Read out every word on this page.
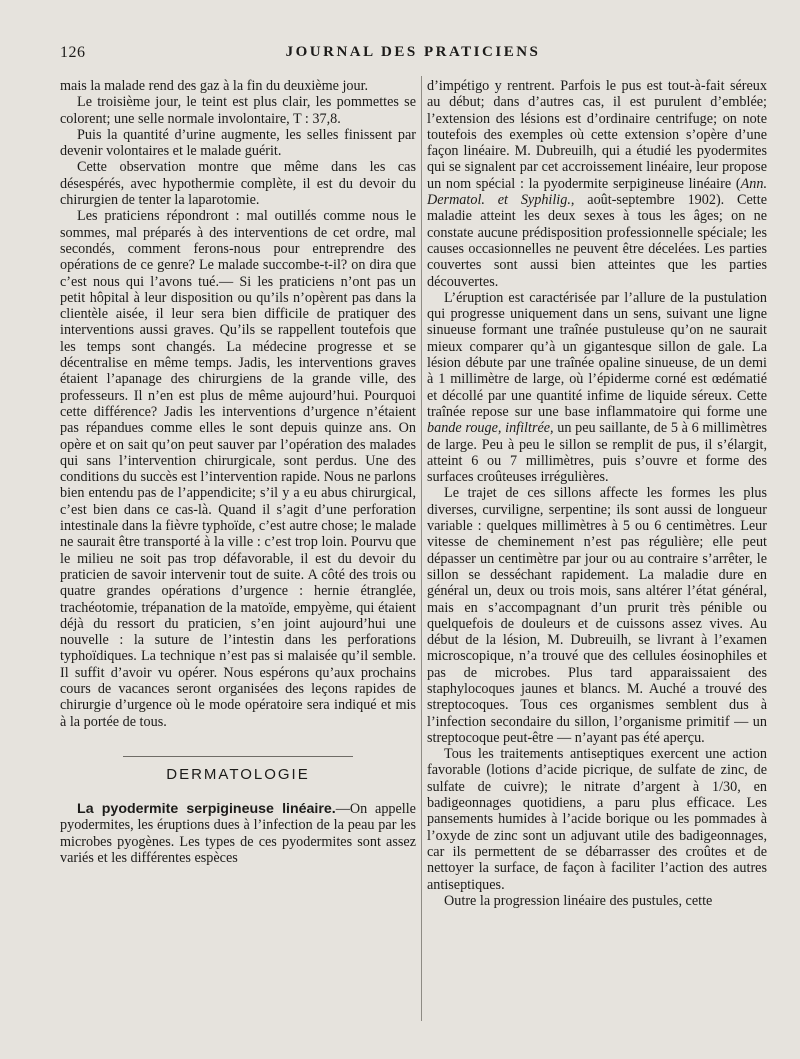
126	JOURNAL DES PRATICIENS

mais la malade rend des gaz à la fin du deuxième jour.

Le troisième jour, le teint est plus clair, les pommettes se colorent; une selle normale involontaire, T : 37,8.

Puis la quantité d’urine augmente, les selles finissent par devenir volontaires et le malade guérit.

Cette observation montre que même dans les cas désespérés, avec hypothermie complète, il est du devoir du chirurgien de tenter la laparotomie.

Les praticiens répondront : mal outillés comme nous le sommes, mal préparés à des interventions de cet ordre, mal secondés, comment ferons-nous pour entreprendre des opérations de ce genre? Le malade succombe-t-il? on dira que c’est nous qui l’avons tué.— Si les praticiens n’ont pas un petit hôpital à leur disposition ou qu’ils n’opèrent pas dans la clientèle aisée, il leur sera bien difficile de pratiquer des interventions aussi graves. Qu’ils se rappellent toutefois que les temps sont changés. La médecine progresse et se décentralise en même temps. Jadis, les interventions graves étaient l’apanage des chirurgiens de la grande ville, des professeurs. Il n’en est plus de même aujourd’hui. Pourquoi cette différence? Jadis les interventions d’urgence n’étaient pas répandues comme elles le sont depuis quinze ans. On opère et on sait qu’on peut sauver par l’opération des malades qui sans l’intervention chirurgicale, sont perdus. Une des conditions du succès est l’intervention rapide. Nous ne parlons bien entendu pas de l’appendicite; s’il y a eu abus chirurgical, c’est bien dans ce cas-là. Quand il s’agit d’une perforation intestinale dans la fièvre typhoïde, c’est autre chose; le malade ne saurait être transporté à la ville : c’est trop loin. Pourvu que le milieu ne soit pas trop défavorable, il est du devoir du praticien de savoir intervenir tout de suite. A côté des trois ou quatre grandes opérations d’urgence : hernie étranglée, trachéotomie, trépanation de la matoïde, empyème, qui étaient déjà du ressort du praticien, s’en joint aujourd’hui une nouvelle : la suture de l’intestin dans les perforations typhoïdiques. La technique n’est pas si malaisée qu’il semble. Il suffit d’avoir vu opérer. Nous espérons qu’aux prochains cours de vacances seront organisées des leçons rapides de chirurgie d’urgence où le mode opératoire sera indiqué et mis à la portée de tous.

DERMATOLOGIE

La pyodermite serpigineuse linéaire.—On appelle pyodermites, les éruptions dues à l’infection de la peau par les microbes pyogènes. Les types de ces pyodermites sont assez variés et les différentes espèces

d’impétigo y rentrent. Parfois le pus est tout-à-fait séreux au début; dans d’autres cas, il est purulent d’emblée; l’extension des lésions est d’ordinaire centrifuge; on note toutefois des exemples où cette extension s’opère d’une façon linéaire. M. Dubreuilh, qui a étudié les pyodermites qui se signalent par cet accroissement linéaire, leur propose un nom spécial : la pyodermite serpigineuse linéaire (Ann. Dermatol. et Syphilig., août-septembre 1902). Cette maladie atteint les deux sexes à tous les âges; on ne constate aucune prédisposition professionnelle spéciale; les causes occasionnelles ne peuvent être décelées. Les parties couvertes sont aussi bien atteintes que les parties découvertes.

L’éruption est caractérisée par l’allure de la pustulation qui progresse uniquement dans un sens, suivant une ligne sinueuse formant une traînée pustuleuse qu’on ne saurait mieux comparer qu’à un gigantesque sillon de gale. La lésion débute par une traînée opaline sinueuse, de un demi à 1 millimètre de large, où l’épiderme corné est œdématié et décollé par une quantité infime de liquide séreux. Cette traînée repose sur une base inflammatoire qui forme une bande rouge, infiltrée, un peu saillante, de 5 à 6 millimètres de large. Peu à peu le sillon se remplit de pus, il s’élargit, atteint 6 ou 7 millimètres, puis s’ouvre et forme des surfaces croûteuses irrégulières.

Le trajet de ces sillons affecte les formes les plus diverses, curviligne, serpentine; ils sont aussi de longueur variable : quelques millimètres à 5 ou 6 centimètres. Leur vitesse de cheminement n’est pas régulière; elle peut dépasser un centimètre par jour ou au contraire s’arrêter, le sillon se desséchant rapidement. La maladie dure en général un, deux ou trois mois, sans altérer l’état général, mais en s’accompagnant d’un prurit très pénible ou quelquefois de douleurs et de cuissons assez vives. Au début de la lésion, M. Dubreuilh, se livrant à l’examen microscopique, n’a trouvé que des cellules éosinophiles et pas de microbes. Plus tard apparaissaient des staphylocoques jaunes et blancs. M. Auché a trouvé des streptocoques. Tous ces organismes semblent dus à l’infection secondaire du sillon, l’organisme primitif — un streptocoque peut-être — n’ayant pas été aperçu.

Tous les traitements antiseptiques exercent une action favorable (lotions d’acide picrique, de sulfate de zinc, de sulfate de cuivre); le nitrate d’argent à 1/30, en badigeonnages quotidiens, a paru plus efficace. Les pansements humides à l’acide borique ou les pommades à l’oxyde de zinc sont un adjuvant utile des badigeonnages, car ils permettent de se débarrasser des croûtes et de nettoyer la surface, de façon à faciliter l’action des autres antiseptiques.

Outre la progression linéaire des pustules, cette
